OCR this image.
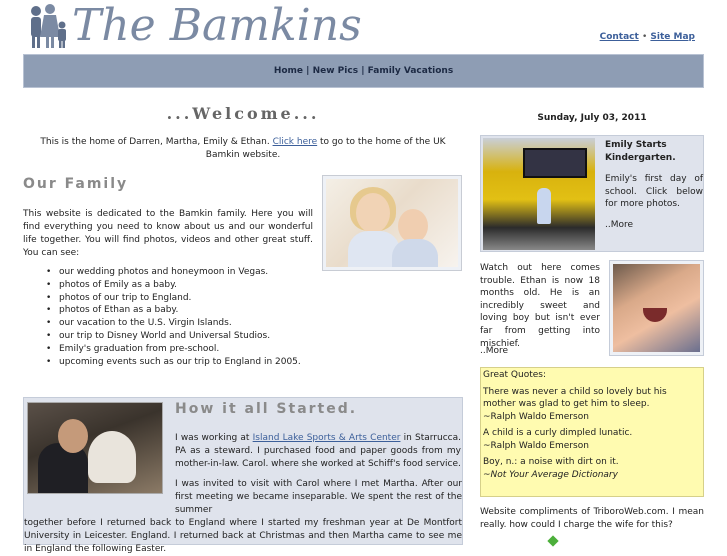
The Bamkins	Contact • Site Map
Home | New Pics | Family Vacations
...Welcome...
This is the home of Darren, Martha, Emily & Ethan. Click here to go to the home of the UK Bamkin website.
Our Family
This website is dedicated to the Bamkin family. Here you will find everything you need to know about us and our wonderful life together. You will find photos, videos and other great stuff. You can see:
• our wedding photos and honeymoon in Vegas.
• photos of Emily as a baby.
• photos of our trip to England.
• photos of Ethan as a baby.
• our vacation to the U.S. Virgin Islands.
• our trip to Disney World and Universal Studios.
• Emily's graduation from pre-school.
• upcoming events such as our trip to England in 2005.
How it all Started.
I was working at Island Lake Sports & Arts Center in Starrucca. PA as a steward. I purchased food and paper goods from my mother-in-law. Carol. where she worked at Schiff's food service.
I was invited to visit with Carol where I met Martha. After our first meeting we became inseparable. We spent the rest of the summer
together before I returned back to England where I started my freshman year at De Montfort University in Leicester. England. I returned back at Christmas and then Martha came to see me in England the following Easter.
Sunday, July 03, 2011
Emily Starts Kindergarten.
Emily's first day of school. Click below for more photos.
..More
Watch out here comes trouble. Ethan is now 18 months old. He is an incredibly sweet and loving boy but isn't ever far from getting into mischief.
..More

Great Quotes:

There was never a child so lovely but his mother was glad to get him to sleep.
~Ralph Waldo Emerson

A child is a curly dimpled lunatic.
~Ralph Waldo Emerson

Boy, n.: a noise with dirt on it.
~Not Your Average Dictionary

Website compliments of TriboroWeb.com. I mean really. how could I charge the wife for this?
